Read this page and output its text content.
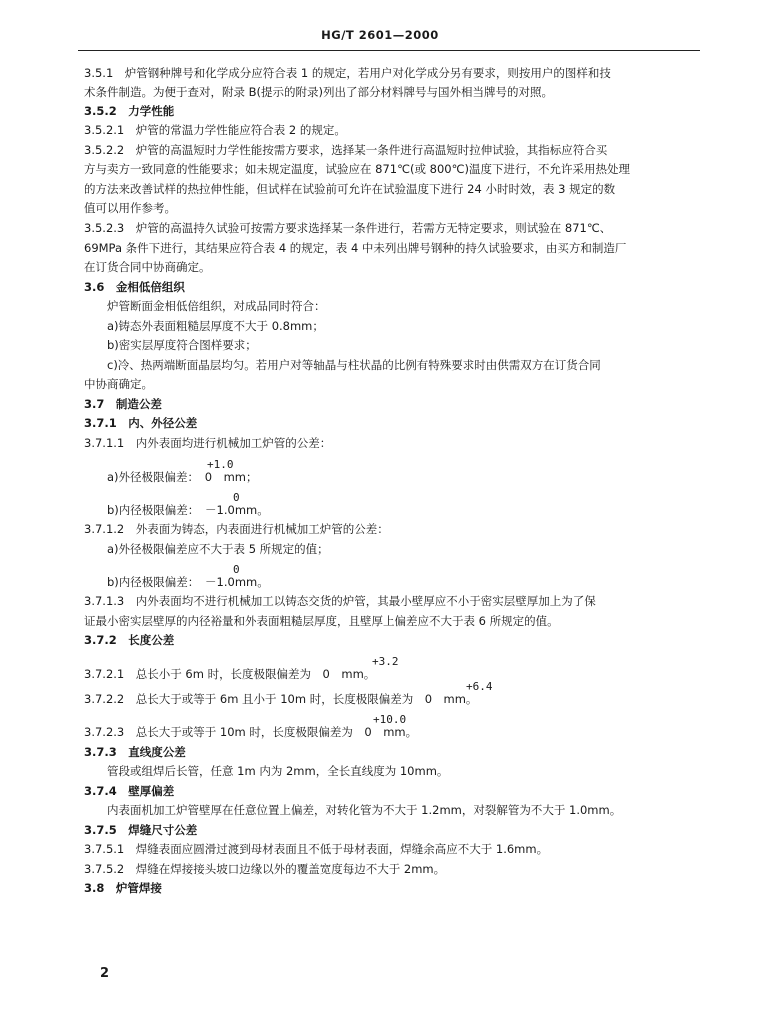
HG/T 2601—2000
3.5.1　炉管钢种牌号和化学成分应符合表 1 的规定，若用户对化学成分另有要求，则按用户的图样和技
术条件制造。为便于查对，附录 B(提示的附录)列出了部分材料牌号与国外相当牌号的对照。
3.5.2　力学性能
3.5.2.1　炉管的常温力学性能应符合表 2 的规定。
3.5.2.2　炉管的高温短时力学性能按需方要求，选择某一条件进行高温短时拉伸试验，其指标应符合买
方与卖方一致同意的性能要求；如未规定温度，试验应在 871℃(或 800℃)温度下进行，不允许采用热处理
的方法来改善试样的热拉伸性能，但试样在试验前可允许在试验温度下进行 24 小时时效，表 3 规定的数
值可以用作参考。
3.5.2.3　炉管的高温持久试验可按需方要求选择某一条件进行，若需方无特定要求，则试验在 871℃、
69MPa 条件下进行，其结果应符合表 4 的规定，表 4 中未列出牌号钢种的持久试验要求，由买方和制造厂
在订货合同中协商确定。
3.6　金相低倍组织
炉管断面金相低倍组织，对成品同时符合：
a)铸态外表面粗糙层厚度不大于 0.8mm；
b)密实层厚度符合图样要求；
c)冷、热两端断面晶层均匀。若用户对等轴晶与柱状晶的比例有特殊要求时由供需双方在订货合同
中协商确定。
3.7　制造公差
3.7.1　内、外径公差
3.7.1.1　内外表面均进行机械加工炉管的公差：
+1.0
a)外径极限偏差：　0　mm；
0
b)内径极限偏差：　－1.0mm。
3.7.1.2　外表面为铸态，内表面进行机械加工炉管的公差：
a)外径极限偏差应不大于表 5 所规定的值；
0
b)内径极限偏差：　－1.0mm。
3.7.1.3　内外表面均不进行机械加工以铸态交货的炉管，其最小壁厚应不小于密实层壁厚加上为了保
证最小密实层壁厚的内径裕量和外表面粗糙层厚度，且壁厚上偏差应不大于表 6 所规定的值。
3.7.2　长度公差
+3.2
3.7.2.1　总长小于 6m 时，长度极限偏差为　0　mm。
+6.4
3.7.2.2　总长大于或等于 6m 且小于 10m 时，长度极限偏差为　0　mm。
+10.0
3.7.2.3　总长大于或等于 10m 时，长度极限偏差为　0　mm。
3.7.3　直线度公差
管段或组焊后长管，任意 1m 内为 2mm，全长直线度为 10mm。
3.7.4　壁厚偏差
内表面机加工炉管壁厚在任意位置上偏差，对转化管为不大于 1.2mm，对裂解管为不大于 1.0mm。
3.7.5　焊缝尺寸公差
3.7.5.1　焊缝表面应圆滑过渡到母材表面且不低于母材表面，焊缝余高应不大于 1.6mm。
3.7.5.2　焊缝在焊接接头坡口边缘以外的覆盖宽度每边不大于 2mm。
3.8　炉管焊接
2
